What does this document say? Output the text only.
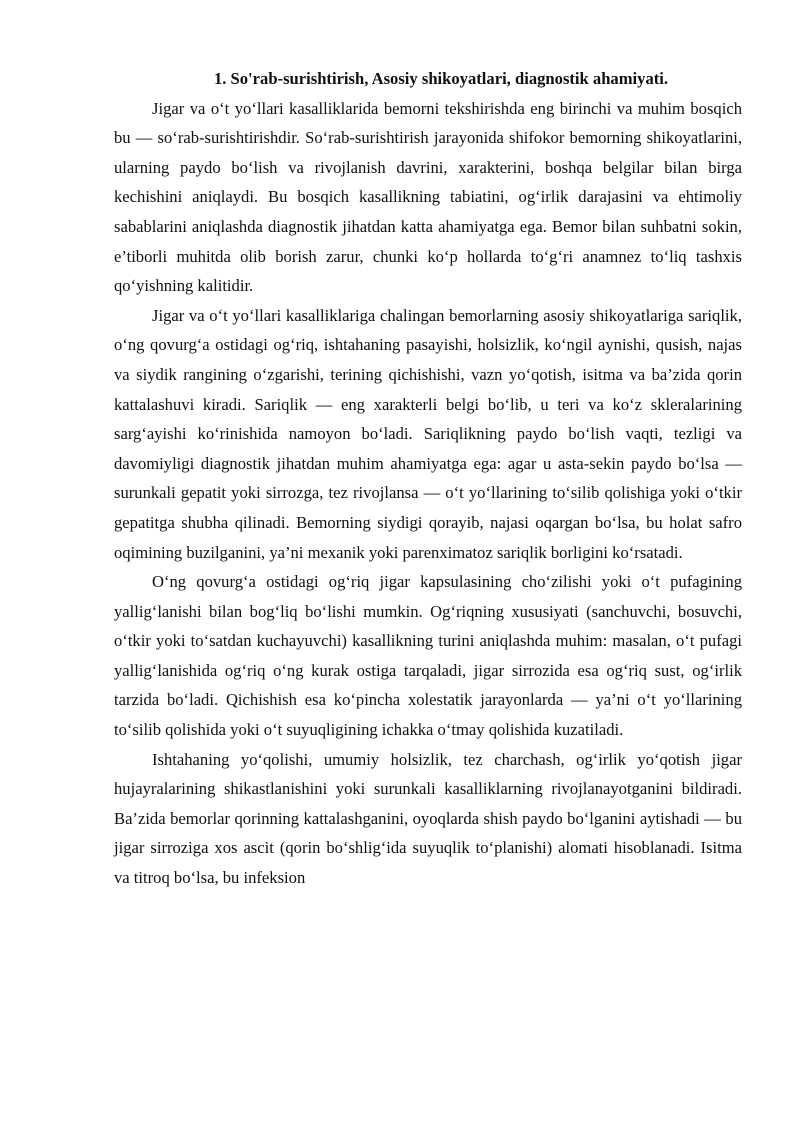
1. So'rab-surishtirish, Asosiy shikoyatlari, diagnostik ahamiyati.

Jigar va o‘t yo‘llari kasalliklarida bemorni tekshirishda eng birinchi va muhim bosqich bu — so‘rab-surishtirishdir. So‘rab-surishtirish jarayonida shifokor bemorning shikoyatlarini, ularning paydo bo‘lish va rivojlanish davrini, xarakterini, boshqa belgilar bilan birga kechishini aniqlaydi. Bu bosqich kasallikning tabiatini, og‘irlik darajasini va ehtimoliy sabablarini aniqlashda diagnostik jihatdan katta ahamiyatga ega. Bemor bilan suhbatni sokin, e’tiborli muhitda olib borish zarur, chunki ko‘p hollarda to‘g‘ri anamnez to‘liq tashxis qo‘yishning kalitidir.

Jigar va o‘t yo‘llari kasalliklariga chalingan bemorlarning asosiy shikoyatlariga sariqlik, o‘ng qovurg‘a ostidagi og‘riq, ishtahaning pasayishi, holsizlik, ko‘ngil aynishi, qusish, najas va siydik rangining o‘zgarishi, terining qichishishi, vazn yo‘qotish, isitma va ba’zida qorin kattalashuvi kiradi. Sariqlik — eng xarakterli belgi bo‘lib, u teri va ko‘z skleralarining sarg‘ayishi ko‘rinishida namoyon bo‘ladi. Sariqlikning paydo bo‘lish vaqti, tezligi va davomiyligi diagnostik jihatdan muhim ahamiyatga ega: agar u asta-sekin paydo bo‘lsa — surunkali gepatit yoki sirrozga, tez rivojlansa — o‘t yo‘llarining to‘silib qolishiga yoki o‘tkir gepatitga shubha qilinadi. Bemorning siydigi qorayib, najasi oqargan bo‘lsa, bu holat safro oqimining buzilganini, ya’ni mexanik yoki parenximatoz sariqlik borligini ko‘rsatadi.

O‘ng qovurg‘a ostidagi og‘riq jigar kapsulasining cho‘zilishi yoki o‘t pufagining yallig‘lanishi bilan bog‘liq bo‘lishi mumkin. Og‘riqning xususiyati (sanchuvchi, bosuvchi, o‘tkir yoki to‘satdan kuchayuvchi) kasallikning turini aniqlashda muhim: masalan, o‘t pufagi yallig‘lanishida og‘riq o‘ng kurak ostiga tarqaladi, jigar sirrozida esa og‘riq sust, og‘irlik tarzida bo‘ladi. Qichishish esa ko‘pincha xolestatik jarayonlarda — ya’ni o‘t yo‘llarining to‘silib qolishida yoki o‘t suyuqligining ichakka o‘tmay qolishida kuzatiladi.

Ishtahaning yo‘qolishi, umumiy holsizlik, tez charchash, og‘irlik yo‘qotish jigar hujayralarining shikastlanishini yoki surunkali kasalliklarning rivojlanayotganini bildiradi. Ba’zida bemorlar qorinning kattalashganini, oyoqlarda shish paydo bo‘lganini aytishadi — bu jigar sirroziga xos ascit (qorin bo‘shlig‘ida suyuqlik to‘planishi) alomati hisoblanadi. Isitma va titroq bo‘lsa, bu infeksion
